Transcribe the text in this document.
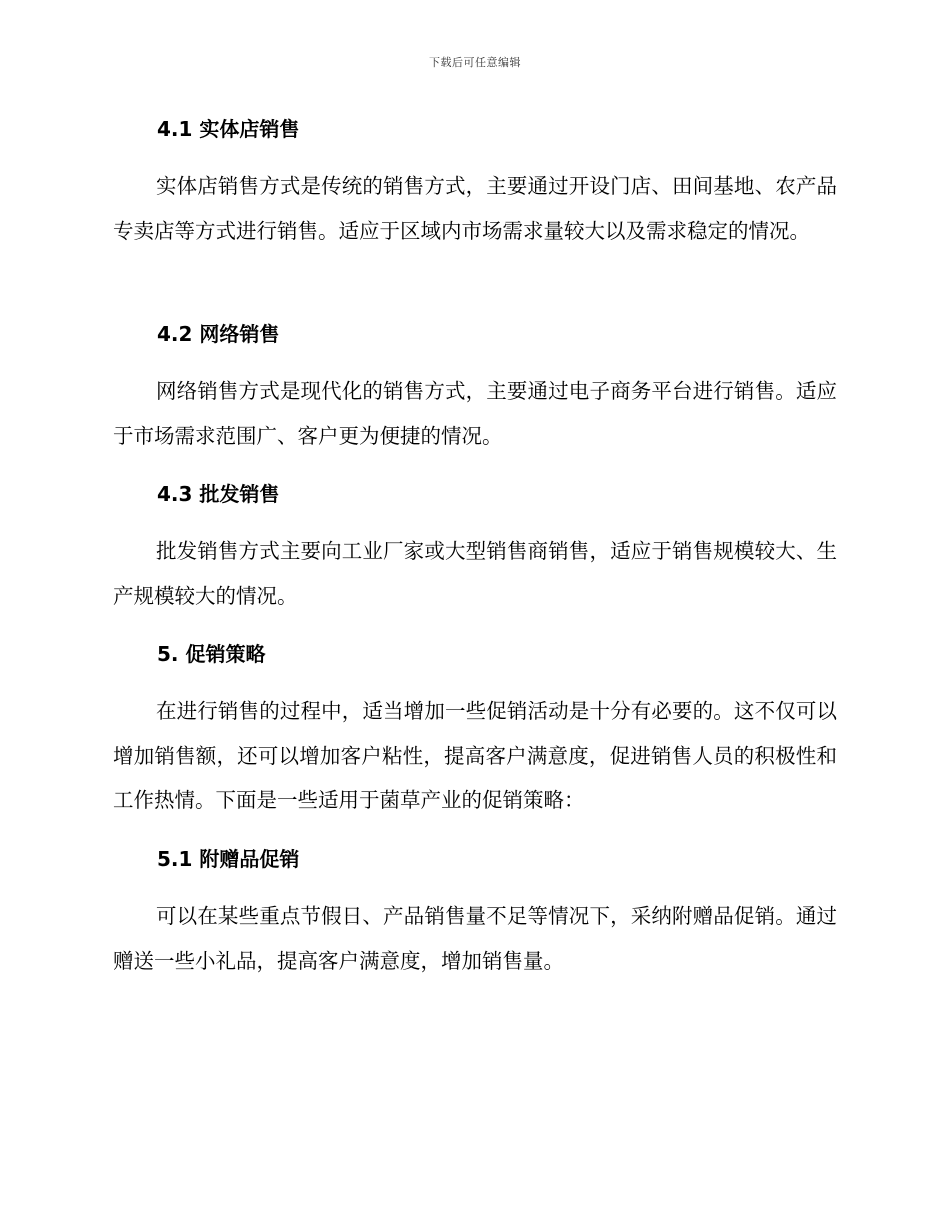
下载后可任意编辑
4.1 实体店销售

实体店销售方式是传统的销售方式，主要通过开设门店、田间基地、农产品专卖店等方式进行销售。适应于区域内市场需求量较大以及需求稳定的情况。

4.2 网络销售

网络销售方式是现代化的销售方式，主要通过电子商务平台进行销售。适应于市场需求范围广、客户更为便捷的情况。

4.3 批发销售

批发销售方式主要向工业厂家或大型销售商销售，适应于销售规模较大、生产规模较大的情况。

5. 促销策略

在进行销售的过程中，适当增加一些促销活动是十分有必要的。这不仅可以增加销售额，还可以增加客户粘性，提高客户满意度，促进销售人员的积极性和工作热情。下面是一些适用于菌草产业的促销策略：

5.1 附赠品促销

可以在某些重点节假日、产品销售量不足等情况下，采纳附赠品促销。通过赠送一些小礼品，提高客户满意度，增加销售量。
